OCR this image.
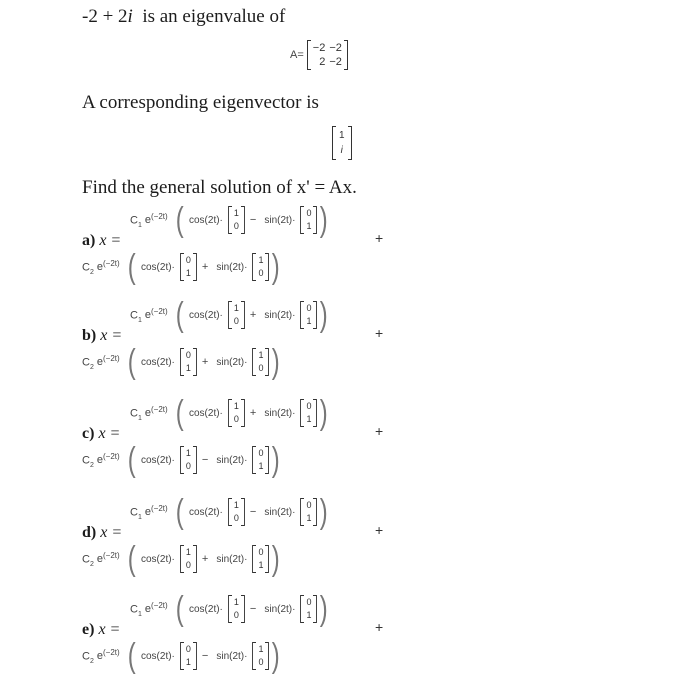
-2 + 2i is an eigenvalue of
A=
−2	−2
2	−2
A corresponding eigenvector is
1
i
Find the general solution of x' = Ax.
$C_1$ $e^{(-2t)}$ ( cos(2t)·
1
0 − sin(2t)·
0
1 )	+
a) x =
$C_2$ $e^{(-2t)}$ ( cos(2t)·
0
1 + sin(2t)·
1
0 )
$C_1$ $e^{(-2t)}$ ( cos(2t)·
1
0 + sin(2t)·
0
1 )	+
b) x =
$C_2$ $e^{(-2t)}$ ( cos(2t)·
0
1 + sin(2t)·
1
0 )
$C_1$ $e^{(-2t)}$ ( cos(2t)·
1
0 + sin(2t)·
0
1 )	+
c) x =
$C_2$ $e^{(-2t)}$ ( cos(2t)·
1
0 − sin(2t)·
0
1 )
$C_1$ $e^{(-2t)}$ ( cos(2t)·
1
0 − sin(2t)·
0
1 )	+
d) x =
$C_2$ $e^{(-2t)}$ ( cos(2t)·
1
0 + sin(2t)·
0
1 )
$C_1$ $e^{(-2t)}$ ( cos(2t)·
1
0 − sin(2t)·
0
1 )	+
e) x =
$C_2$ $e^{(-2t)}$ ( cos(2t)·
0
1 − sin(2t)·
1
0 )
